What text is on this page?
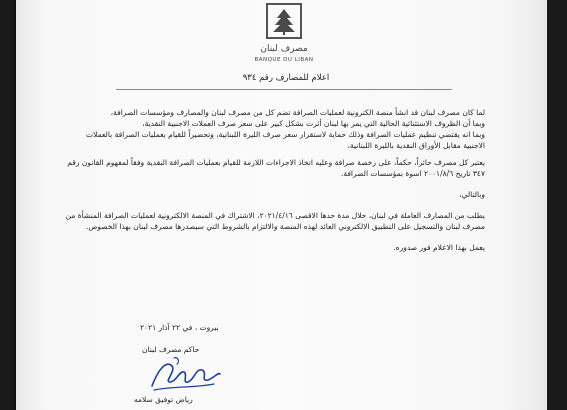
مصرف لبنان
BANQUE DU LIBAN
اعلام للمصارف رقم ٩٣٤

لما كان مصرف لبنان قد انشأ منصة الكترونية لعمليات الصرافة تضم كل من مصرف لبنان والمصارف ومؤسسات الصرافة،

وبما أن الظروف الاستثنائية الحالية التي يمر بها لبنان أثرت بشكل كبير على سعر صرف العملات الاجنبية النقدية،

وبما انه يقتضي تنظيم عمليات الصرافة وذلك حماية لاستقرار سعر صرف الليرة اللبنانية، وتحضيراً للقيام بعمليات الصرافة بالعملات الاجنبية مقابل الأوراق النقدية بالليرة اللبنانية،

يعتبر كل مصرف حائزاً، حكماً، على رخصة صرافة وعليه اتخاذ الاجراءات اللازمة للقيام بعمليات الصرافة النقدية وفقاً لمفهوم القانون رقم ٣٤٧ تاريخ ٢٠٠١/٨/٦ اسوة بمؤسسات الصرافة.

وبالتالي،

يطلب من المصارف العاملة في لبنان، خلال مدة حدها الاقصى ٢٠٢١/٤/١٦، الاشتراك في المنصة الالكترونية لعمليات الصرافة المنشأة من مصرف لبنان والتسجيل على التطبيق الالكتروني العائد لهذه المنصة والالتزام بالشروط التي سيصدرها مصرف لبنان بهذا الخصوص.

يعمل بهذا الاعلام فور صدوره.

بيروت ، في ٢٢ آذار ٢٠٢١
حاكم مصرف لبنان
رياض توفيق سلامه
